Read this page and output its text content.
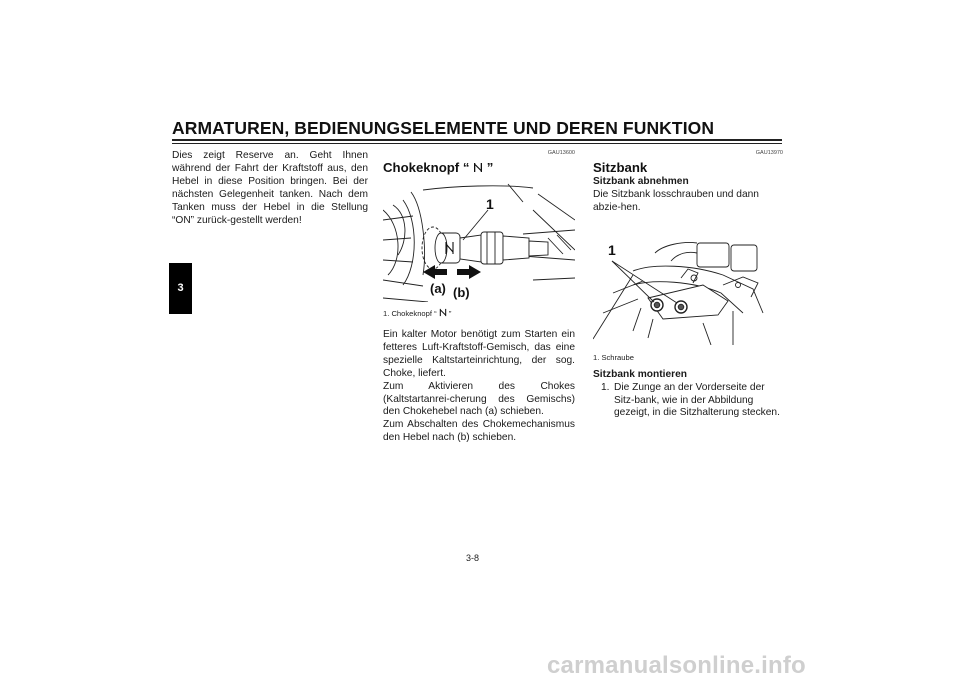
ARMATUREN, BEDIENUNGSELEMENTE UND DEREN FUNKTION
3

Dies zeigt Reserve an. Geht Ihnen während der Fahrt der Kraftstoff aus, den Hebel in diese Position bringen. Bei der nächsten Gelegenheit tanken. Nach dem Tanken muss der Hebel in die Stellung “ON” zurück-gestellt werden!

GAU13600
Chokeknopf “ ”
1
(a) (b)
1. Chokeknopf “ ”

Ein kalter Motor benötigt zum Starten ein fetteres Luft-Kraftstoff-Gemisch, das eine spezielle Kaltstarteinrichtung, der sog. Choke, liefert.

Zum Aktivieren des Chokes (Kaltstartanrei-cherung des Gemischs) den Chokehebel nach (a) schieben.

Zum Abschalten des Chokemechanismus den Hebel nach (b) schieben.

GAU13970
Sitzbank
Sitzbank abnehmen

Die Sitzbank losschrauben und dann abzie-hen.

1
1. Schraube
Sitzbank montieren
1. Die Zunge an der Vorderseite der Sitz-bank, wie in der Abbildung gezeigt, in die Sitzhalterung stecken.
3-8
carmanualsonline.info
